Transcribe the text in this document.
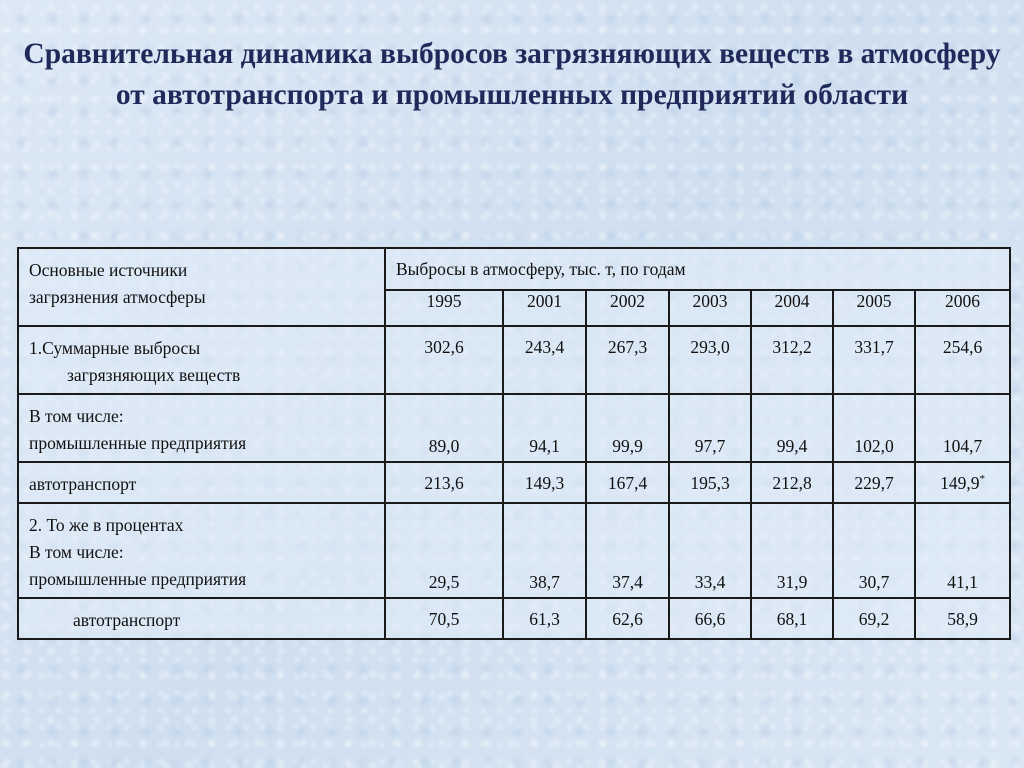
Сравнительная динамика выбросов загрязняющих веществ в атмосферу от автотранспорта и промышленных предприятий области
Основные источники
загрязнения атмосферы	Выбросы в атмосферу, тыс. т, по годам						
	1995	2001	2002	2003	2004	2005	2006

1.Суммарные выбросы
загрязняющих веществ	302,6	243,4	267,3	293,0	312,2	331,7	254,6

В том числе:
промышленные предприятия	89,0	94,1	99,9	97,7	99,4	102,0	104,7
автотранспорт	213,6	149,3	167,4	195,3	212,8	229,7	149,9*

2. То же в процентах
В том числе:
промышленные предприятия	29,5	38,7	37,4	33,4	31,9	30,7	41,1

автотранспорт	70,5	61,3	62,6	66,6	68,1	69,2	58,9
